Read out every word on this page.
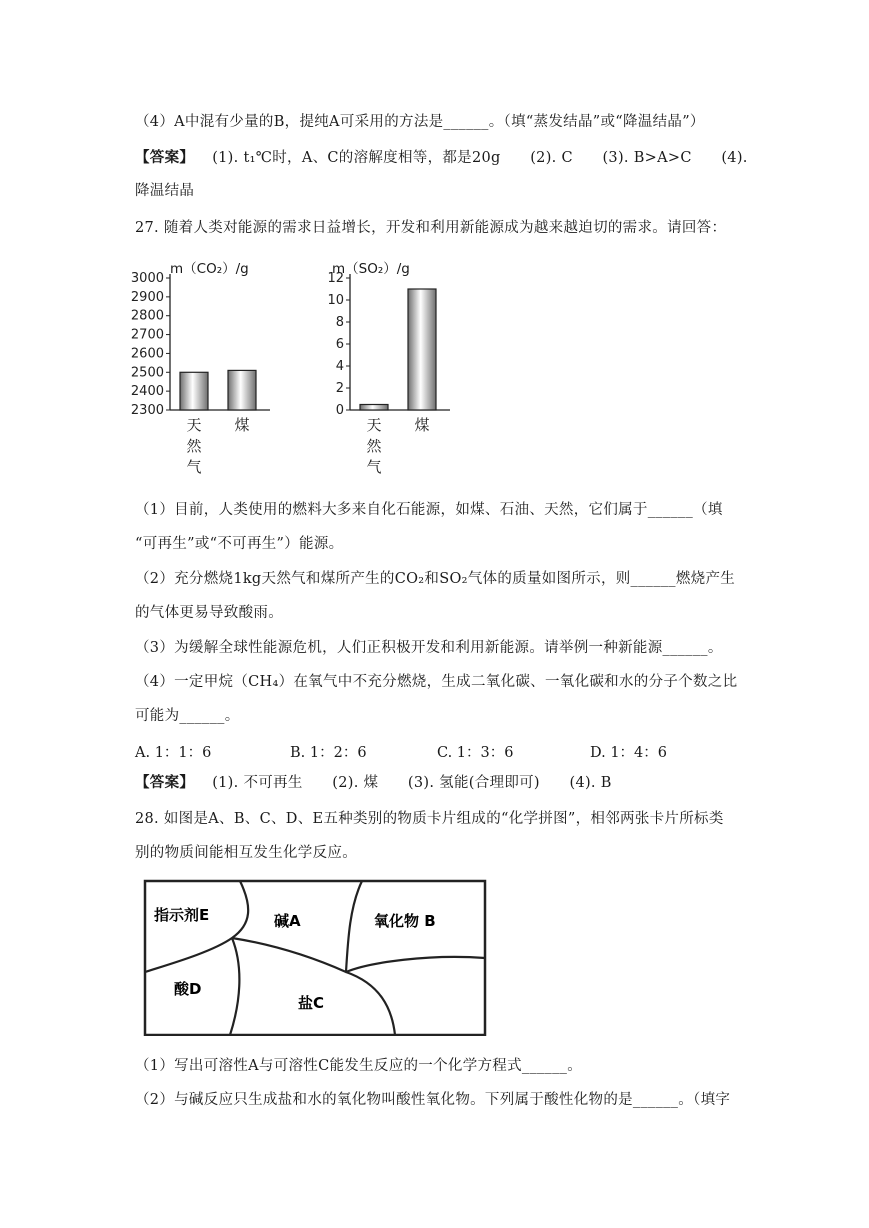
（4）A中混有少量的B，提纯A可采用的方法是______。（填“蒸发结晶”或“降温结晶”）
【答案】 (1). t₁℃时，A、C的溶解度相等，都是20g　　(2). C　　(3). B>A>C　　(4).
降温结晶
27. 随着人类对能源的需求日益增长，开发和利用新能源成为越来越迫切的需求。请回答：
m（CO₂）/g
2300
2400
2500
2600
2700
2800
2900
3000
天
然
气
煤
m（SO₂）/g
0
2
4
6
8
10
12
天
然
气
煤
（1）目前，人类使用的燃料大多来自化石能源，如煤、石油、天然，它们属于______（填
“可再生”或“不可再生”）能源。
（2）充分燃烧1kg天然气和煤所产生的CO₂和SO₂气体的质量如图所示，则______燃烧产生
的气体更易导致酸雨。
（3）为缓解全球性能源危机，人们正积极开发和利用新能源。请举例一种新能源______。
（4）一定甲烷（CH₄）在氧气中不充分燃烧，生成二氧化碳、一氧化碳和水的分子个数之比
可能为______。
A. 1：1：6	B. 1：2：6	C. 1：3：6	D. 1：4：6
【答案】 (1). 不可再生　　(2). 煤　　(3). 氢能(合理即可)　　(4). B
28. 如图是A、B、C、D、E五种类别的物质卡片组成的“化学拼图”，相邻两张卡片所标类
别的物质间能相互发生化学反应。
指示剂E	碱A	氧化物 B
酸D
盐C
（1）写出可溶性A与可溶性C能发生反应的一个化学方程式______。
（2）与碱反应只生成盐和水的氧化物叫酸性氧化物。下列属于酸性化物的是______。（填字
